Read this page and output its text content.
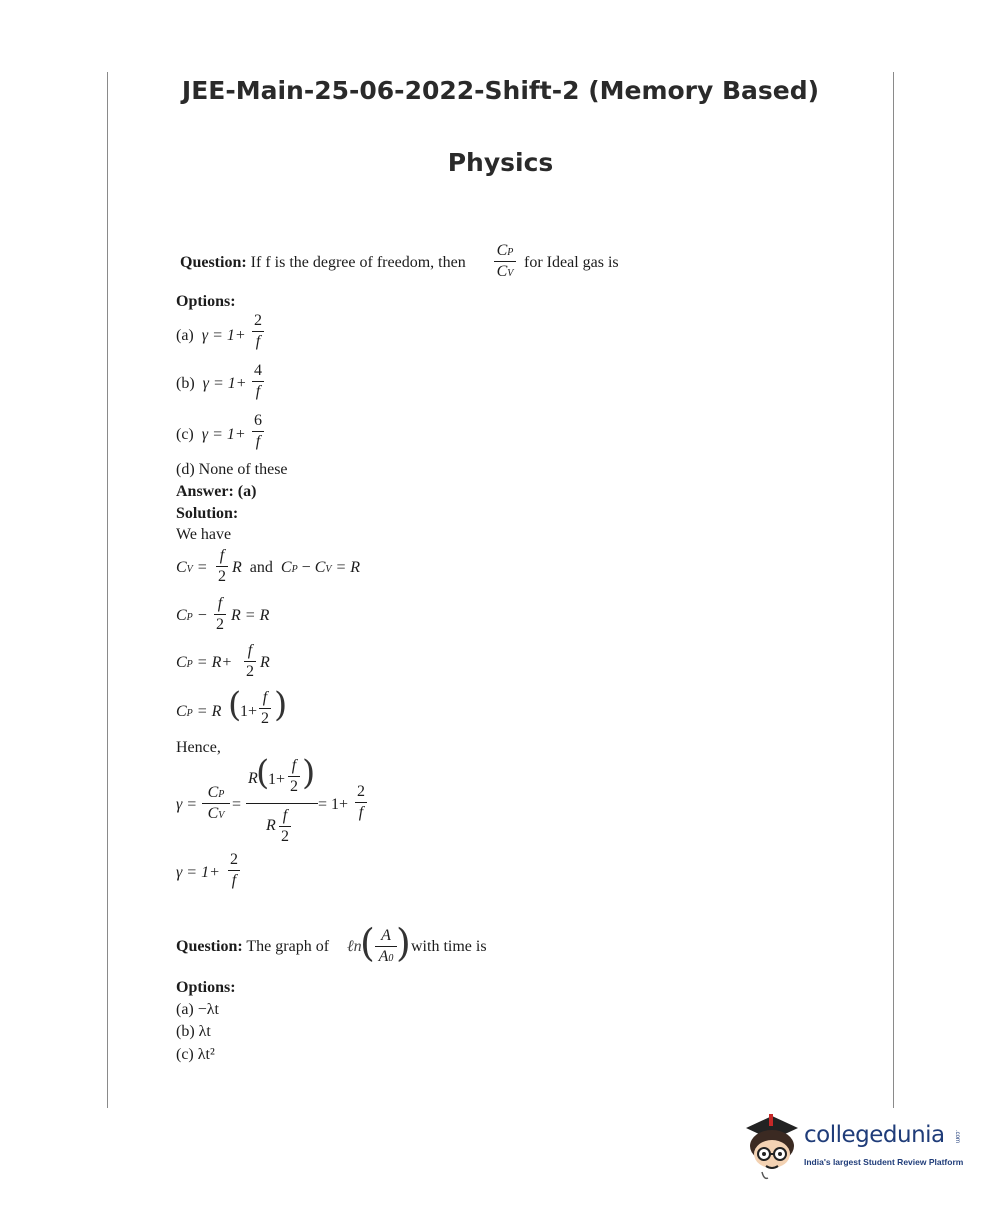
JEE-Main-25-06-2022-Shift-2 (Memory Based)
Physics
Question: If f is the degree of freedom, then
CP
CV
for Ideal gas is
Options:
(a) γ = 1+
2
f
(b) γ = 1+
4
f
(c) γ = 1+
6
f
(d) None of these
Answer: (a)
Solution:
We have
CV =
f
2
R and CP − CV = R
CP −
f
2
R = R
CP = R+
f
2
R
CP = R (
1+
f
2 )
Hence,
γ =
CP
CV
=
R
(
1+
f
2 )
R
f
2
= 1+
2
f
γ = 1+
2
f
Question: The graph of ℓn
( A
A0 ) with time is
Options:
(a) −λt
(b) λt
(c) λt²
collegedunia .com
India's largest Student Review Platform
